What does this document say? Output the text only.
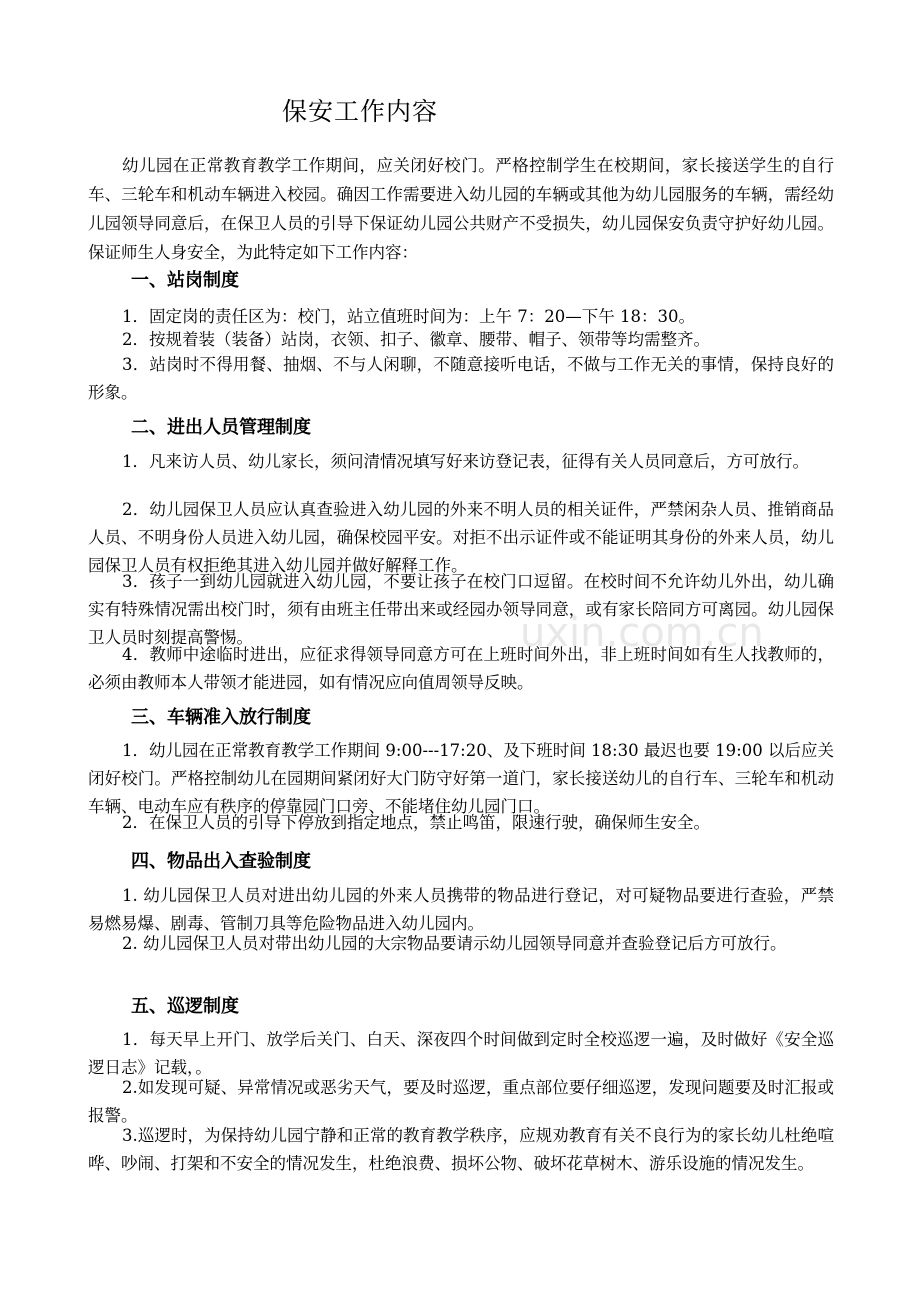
保安工作内容

幼儿园在正常教育教学工作期间，应关闭好校门。严格控制学生在校期间，家长接送学生的自行车、三轮车和机动车辆进入校园。确因工作需要进入幼儿园的车辆或其他为幼儿园服务的车辆，需经幼儿园领导同意后，在保卫人员的引导下保证幼儿园公共财产不受损失，幼儿园保安负责守护好幼儿园。保证师生人身安全，为此特定如下工作内容：

一、站岗制度

1．固定岗的责任区为：校门，站立值班时间为：上午 7：20—下午 18：30。

2．按规着装（装备）站岗，衣领、扣子、徽章、腰带、帽子、领带等均需整齐。

3．站岗时不得用餐、抽烟、不与人闲聊，不随意接听电话，不做与工作无关的事情，保持良好的形象。

二、进出人员管理制度

1．凡来访人员、幼儿家长，须问清情况填写好来访登记表，征得有关人员同意后，方可放行。

2．幼儿园保卫人员应认真查验进入幼儿园的外来不明人员的相关证件，严禁闲杂人员、推销商品人员、不明身份人员进入幼儿园，确保校园平安。对拒不出示证件或不能证明其身份的外来人员，幼儿园保卫人员有权拒绝其进入幼儿园并做好解释工作。

3．孩子一到幼儿园就进入幼儿园，不要让孩子在校门口逗留。在校时间不允许幼儿外出，幼儿确实有特殊情况需出校门时，须有由班主任带出来或经园办领导同意，或有家长陪同方可离园。幼儿园保卫人员时刻提高警惕。

4．教师中途临时进出，应征求得领导同意方可在上班时间外出，非上班时间如有生人找教师的，必须由教师本人带领才能进园，如有情况应向值周领导反映。

三、车辆准入放行制度

1．幼儿园在正常教育教学工作期间 9:00---17:20、及下班时间 18:30 最迟也要 19:00 以后应关闭好校门。严格控制幼儿在园期间紧闭好大门防守好第一道门，家长接送幼儿的自行车、三轮车和机动车辆、电动车应有秩序的停靠园门口旁、不能堵住幼儿园门口。

2．在保卫人员的引导下停放到指定地点，禁止鸣笛，限速行驶，确保师生安全。

四、物品出入查验制度

1. 幼儿园保卫人员对进出幼儿园的外来人员携带的物品进行登记，对可疑物品要进行查验，严禁易燃易爆、剧毒、管制刀具等危险物品进入幼儿园内。

2. 幼儿园保卫人员对带出幼儿园的大宗物品要请示幼儿园领导同意并查验登记后方可放行。

五、巡逻制度

1．每天早上开门、放学后关门、白天、深夜四个时间做到定时全校巡逻一遍，及时做好《安全巡逻日志》记载，。

2.如发现可疑、异常情况或恶劣天气，要及时巡逻，重点部位要仔细巡逻，发现问题要及时汇报或报警。

3.巡逻时，为保持幼儿园宁静和正常的教育教学秩序，应规劝教育有关不良行为的家长幼儿杜绝喧哗、吵闹、打架和不安全的情况发生，杜绝浪费、损坏公物、破坏花草树木、游乐设施的情况发生。

uxin.com.cn
